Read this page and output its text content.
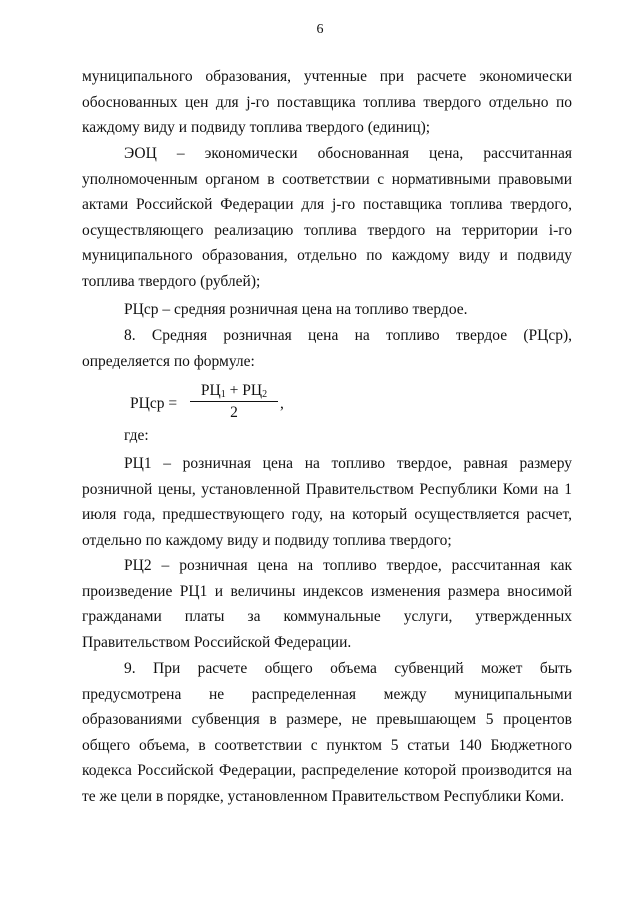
6

муниципального образования, учтенные при расчете экономически обоснованных цен для j-го поставщика топлива твердого отдельно по каждому виду и подвиду топлива твердого (единиц);

ЭОЦ – экономически обоснованная цена, рассчитанная уполномоченным органом в соответствии с нормативными правовыми актами Российской Федерации для j-го поставщика топлива твердого, осуществляющего реализацию топлива твердого на территории i-го муниципального образования, отдельно по каждому виду и подвиду топлива твердого (рублей);

РЦср – средняя розничная цена на топливо твердое.

8. Средняя розничная цена на топливо твердое (РЦср), определяется по формуле:

РЦср =
$РЦ_1 + РЦ_2$
2
,

где:

РЦ1 – розничная цена на топливо твердое, равная размеру розничной цены, установленной Правительством Республики Коми на 1 июля года, предшествующего году, на который осуществляется расчет, отдельно по каждому виду и подвиду топлива твердого;

РЦ2 – розничная цена на топливо твердое, рассчитанная как произведение РЦ1 и величины индексов изменения размера вносимой гражданами платы за коммунальные услуги, утвержденных Правительством Российской Федерации.

9. При расчете общего объема субвенций может быть предусмотрена не распределенная между муниципальными образованиями субвенция в размере, не превышающем 5 процентов общего объема, в соответствии с пунктом 5 статьи 140 Бюджетного кодекса Российской Федерации, распределение которой производится на те же цели в порядке, установленном Правительством Республики Коми.
